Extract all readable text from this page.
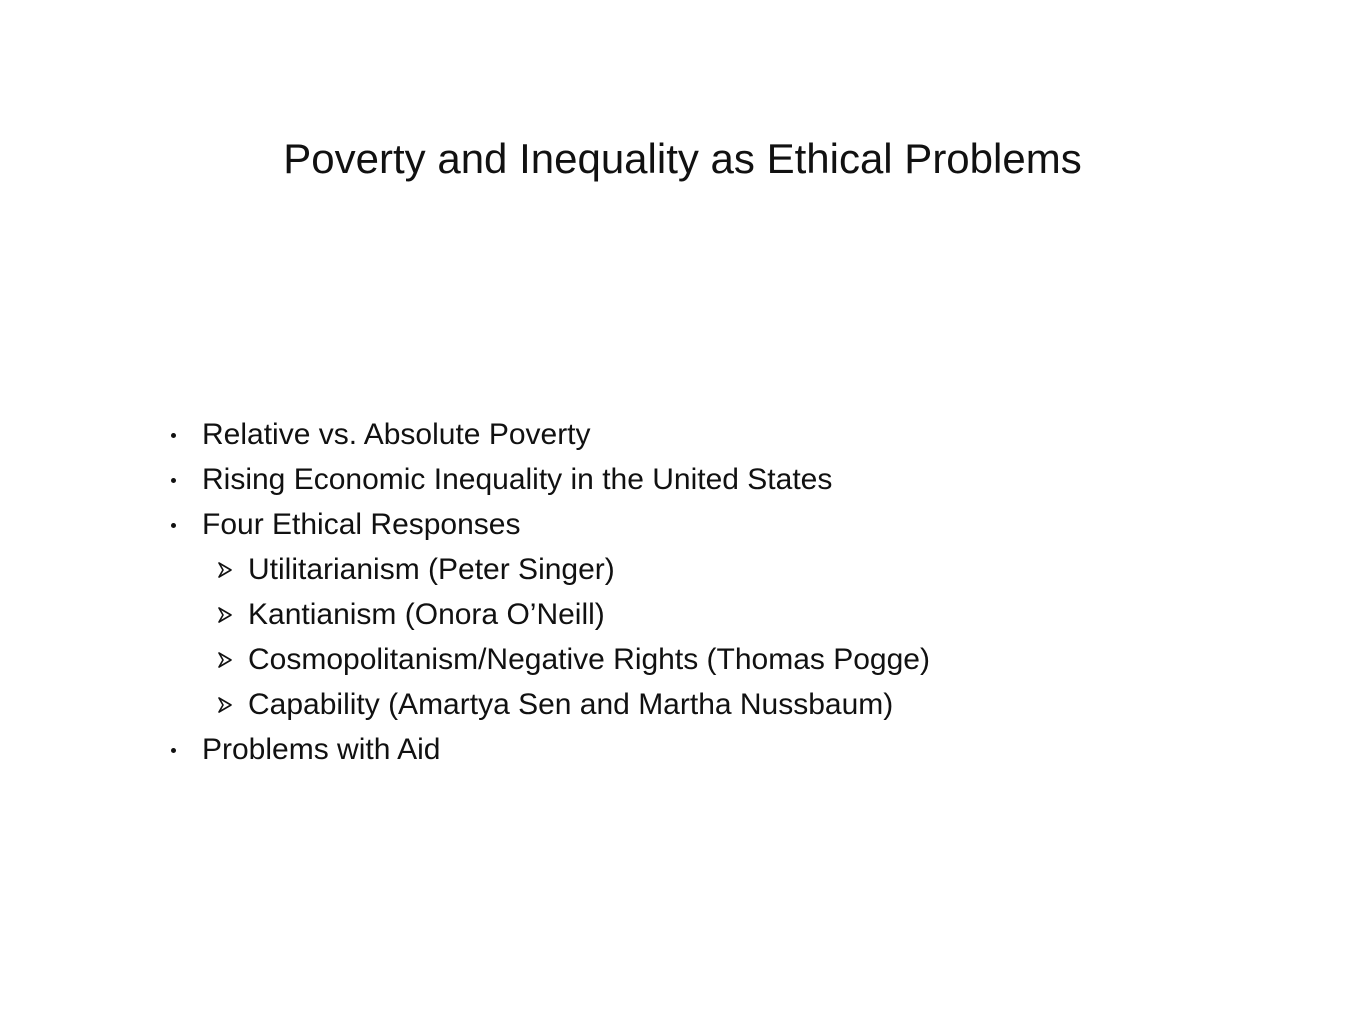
Poverty and Inequality as Ethical Problems
Relative vs. Absolute Poverty
Rising Economic Inequality in the United States
Four Ethical Responses
Utilitarianism (Peter Singer)
Kantianism (Onora O’Neill)
Cosmopolitanism/Negative Rights (Thomas Pogge)
Capability (Amartya Sen and Martha Nussbaum)
Problems with Aid
